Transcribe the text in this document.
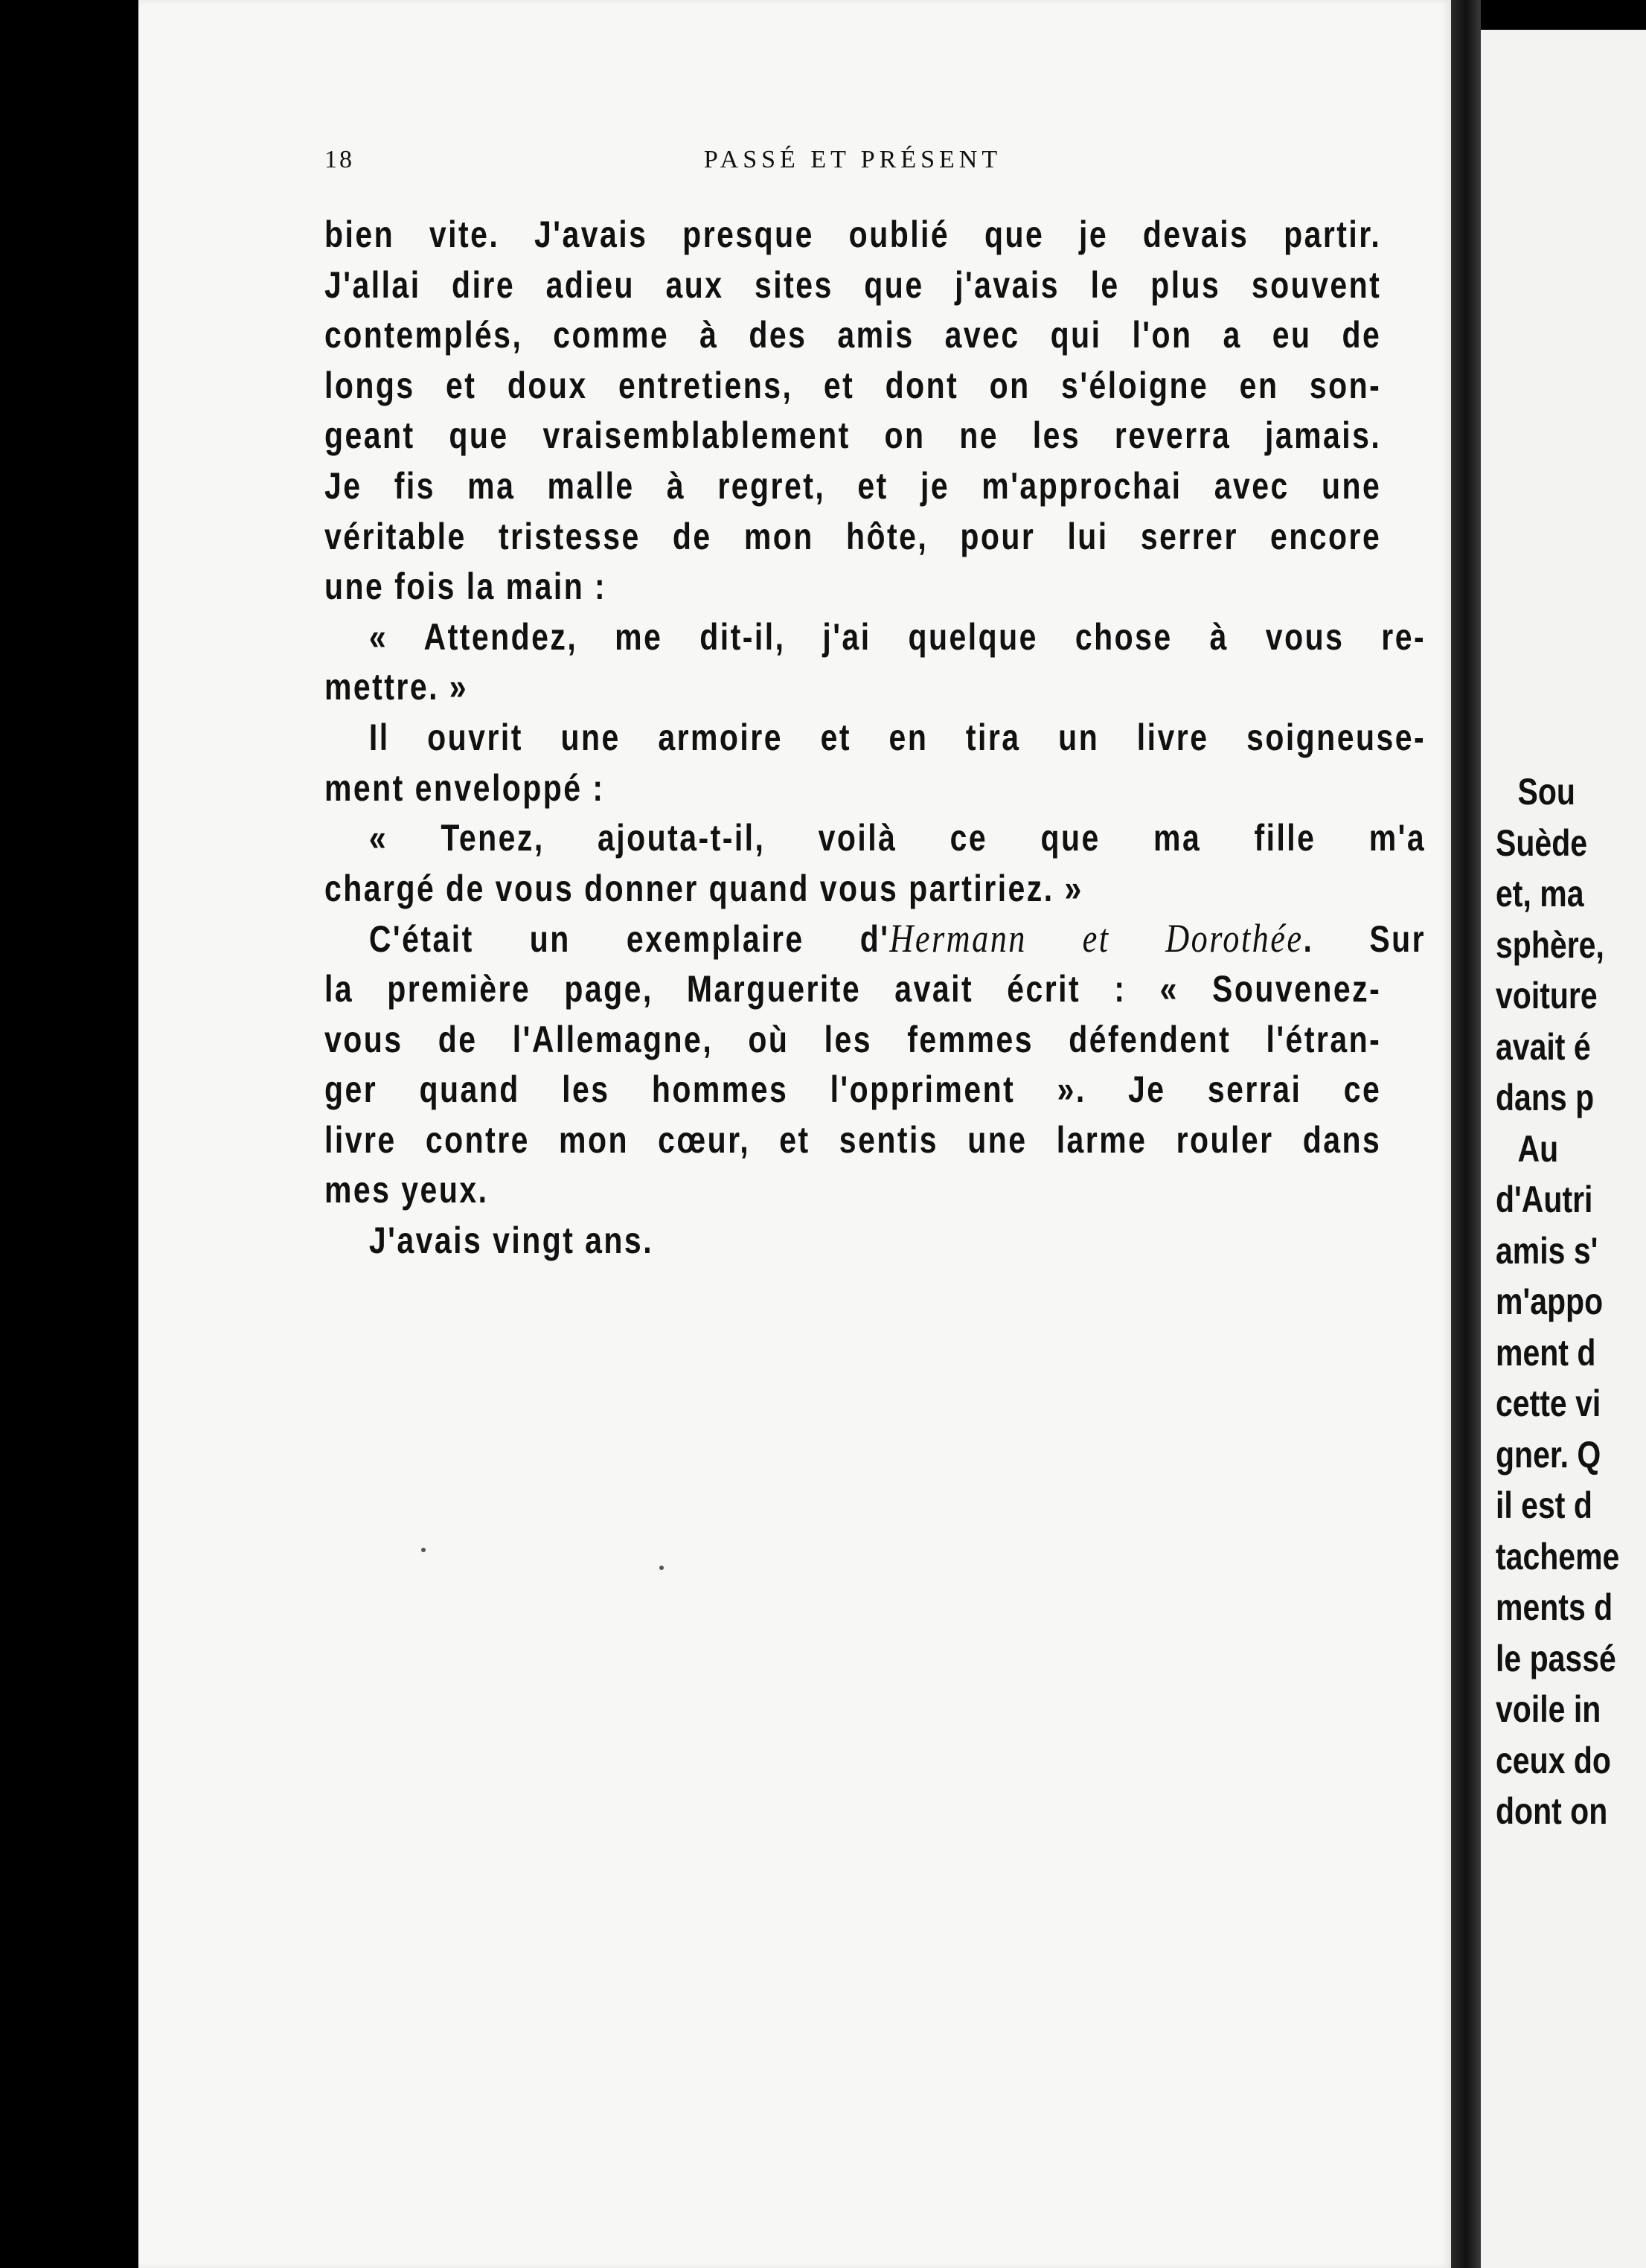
Sou
Suède
et, ma
sphère,
voiture
avait é
dans p
Au
d'Autri
amis s'
m'appo
ment d
cette vi
gner. Q
il est d
tacheme
ments d
le passé
voile in
ceux do
dont on
18	PASSÉ ET PRÉSENT
bien vite. J'avais presque oublié que je devais partir.
J'allai dire adieu aux sites que j'avais le plus souvent
contemplés, comme à des amis avec qui l'on a eu de
longs et doux entretiens, et dont on s'éloigne en son-
geant que vraisemblablement on ne les reverra jamais.
Je fis ma malle à regret, et je m'approchai avec une
véritable tristesse de mon hôte, pour lui serrer encore
une fois la main :
« Attendez, me dit-il, j'ai quelque chose à vous re-
mettre. »
Il ouvrit une armoire et en tira un livre soigneuse-
ment enveloppé :
« Tenez, ajouta-t-il, voilà ce que ma fille m'a
chargé de vous donner quand vous partiriez. »
C'était un exemplaire d'Hermann et Dorothée. Sur
la première page, Marguerite avait écrit : « Souvenez-
vous de l'Allemagne, où les femmes défendent l'étran-
ger quand les hommes l'oppriment ». Je serrai ce
livre contre mon cœur, et sentis une larme rouler dans
mes yeux.
J'avais vingt ans.
